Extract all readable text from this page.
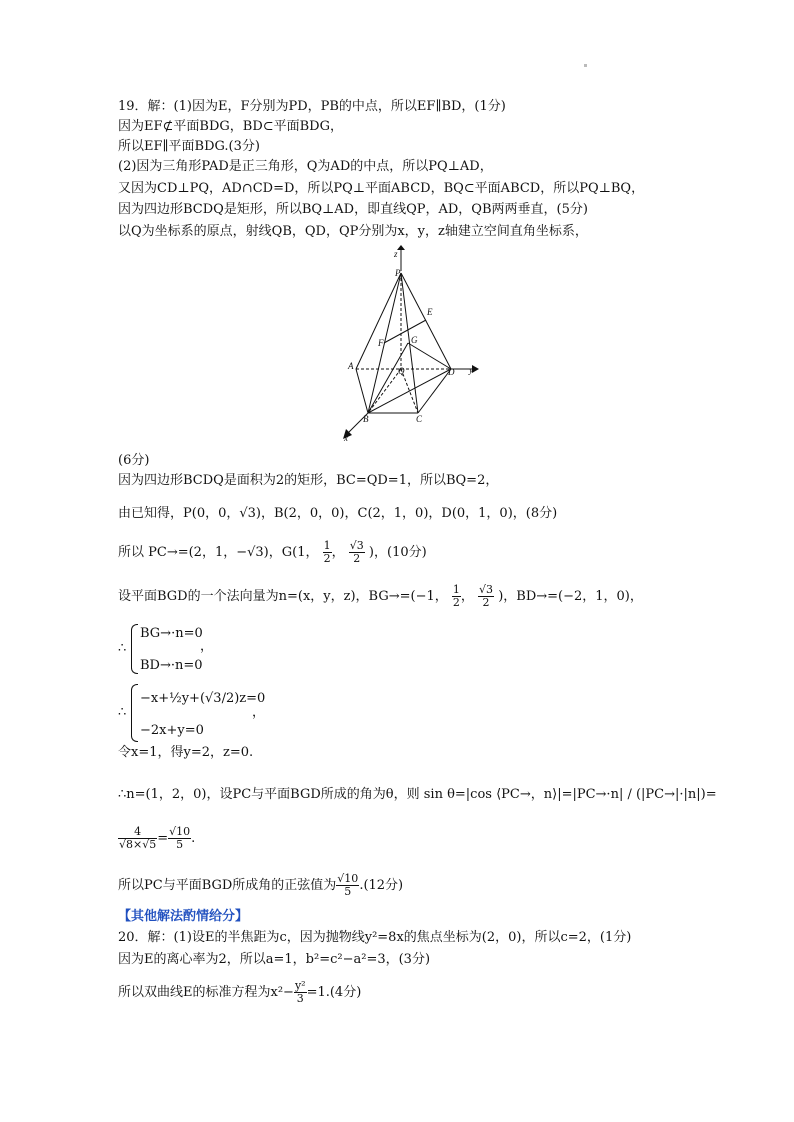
19．解：(1)因为E，F分别为PD，PB的中点，所以EF∥BD，(1分)
因为EF⊄平面BDG，BD⊂平面BDG，
所以EF∥平面BDG.(3分)
(2)因为三角形PAD是正三角形，Q为AD的中点，所以PQ⊥AD，
又因为CD⊥PQ，AD∩CD=D，所以PQ⊥平面ABCD，BQ⊂平面ABCD，所以PQ⊥BQ，
因为四边形BCDQ是矩形，所以BQ⊥AD，即直线QP，AD，QB两两垂直，(5分)
以Q为坐标系的原点，射线QB，QD，QP分别为x，y，z轴建立空间直角坐标系，
z
P
E
F	G
A	Q	D y
B	C
x
(6分)
因为四边形BCDQ是面积为2的矩形，BC=QD=1，所以BQ=2，
由已知得，P(0，0，√3)，B(2，0，0)，C(2，1，0)，D(0，1，0)，(8分)
所以 PC→=(2，1，−√3)，G(1， $\frac{1}{2}$ ， $\frac{√3}{2}$ )，(10分)
设平面BGD的一个法向量为n=(x，y，z)，BG→=(−1， $\frac{1}{2}$ ， $\frac{√3}{2}$ )，BD→=(−2，1，0)，
∴
BG→·n=0
BD→·n=0
，
∴
−x+½y+(√3/2)z=0
−2x+y=0
，
令x=1，得y=2，z=0.
∴n=(1，2，0)，设PC与平面BGD所成的角为θ，则 sin θ=|cos ⟨PC→，n⟩|=|PC→·n| / (|PC→|·|n|)=
$\frac{4}{√8\times√5} = \frac{√10}{5}$ .
所以PC与平面BGD所成角的正弦值为 $\frac{√10}{5} .(12$分)
【其他解法酌情给分】
20．解：(1)设E的半焦距为c，因为抛物线y²=8x的焦点坐标为(2，0)，所以c=2，(1分)
因为E的离心率为2，所以a=1，b²=c²−a²=3，(3分)
所以双曲线E的标准方程为$x^2- \frac{\text{y²}}{3} =1.(4$分)
